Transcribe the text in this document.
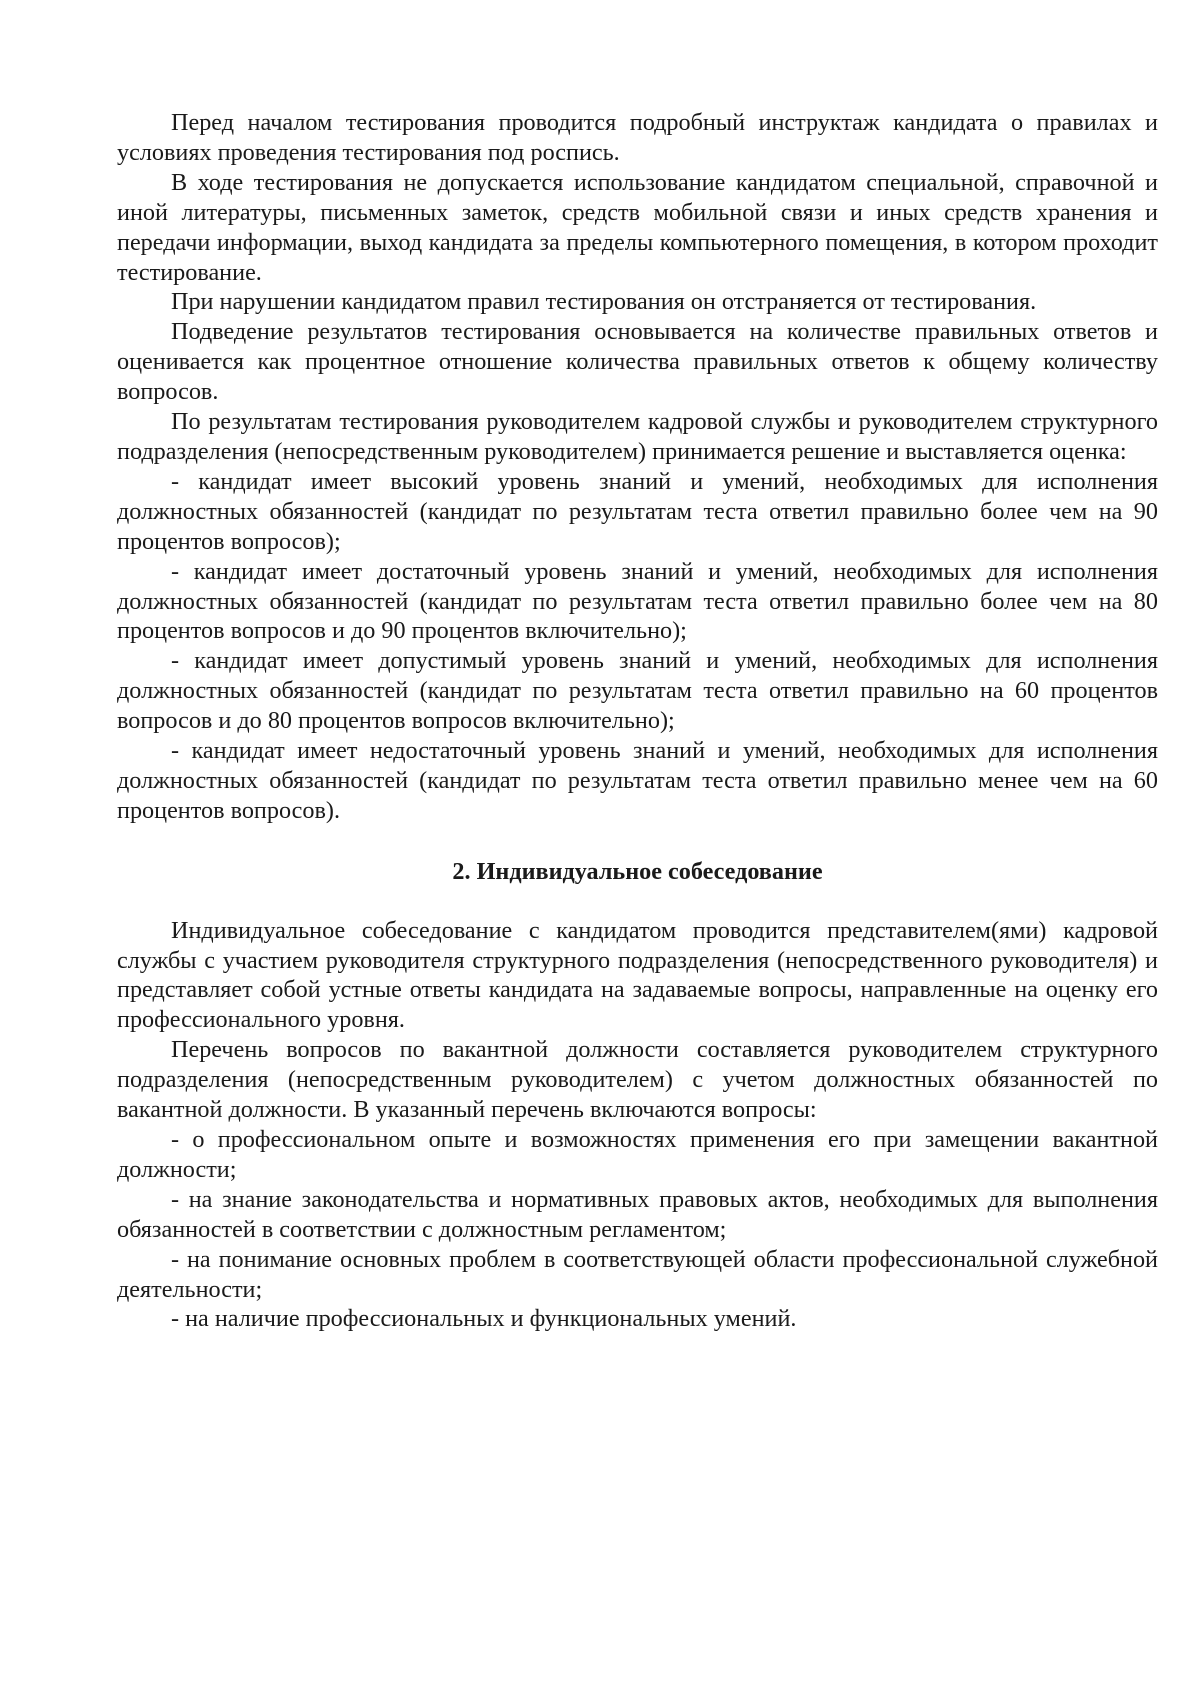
Перед началом тестирования проводится подробный инструктаж кандидата о правилах и условиях проведения тестирования под роспись.

В ходе тестирования не допускается использование кандидатом специальной, справочной и иной литературы, письменных заметок, средств мобильной связи и иных средств хранения и передачи информации, выход кандидата за пределы компьютерного помещения, в котором проходит тестирование.

При нарушении кандидатом правил тестирования он отстраняется от тестирования.

Подведение результатов тестирования основывается на количестве правильных ответов и оценивается как процентное отношение количества правильных ответов к общему количеству вопросов.

По результатам тестирования руководителем кадровой службы и руководителем структурного подразделения (непосредственным руководителем) принимается решение и выставляется оценка:

- кандидат имеет высокий уровень знаний и умений, необходимых для исполнения должностных обязанностей (кандидат по результатам теста ответил правильно более чем на 90 процентов вопросов);

- кандидат имеет достаточный уровень знаний и умений, необходимых для исполнения должностных обязанностей (кандидат по результатам теста ответил правильно более чем на 80 процентов вопросов и до 90 процентов включительно);

- кандидат имеет допустимый уровень знаний и умений, необходимых для исполнения должностных обязанностей (кандидат по результатам теста ответил правильно на 60 процентов вопросов и до 80 процентов вопросов включительно);

- кандидат имеет недостаточный уровень знаний и умений, необходимых для исполнения должностных обязанностей (кандидат по результатам теста ответил правильно менее чем на 60 процентов вопросов).

2. Индивидуальное собеседование

Индивидуальное собеседование с кандидатом проводится представителем(ями) кадровой службы с участием руководителя структурного подразделения (непосредственного руководителя) и представляет собой устные ответы кандидата на задаваемые вопросы, направленные на оценку его профессионального уровня.

Перечень вопросов по вакантной должности составляется руководителем структурного подразделения (непосредственным руководителем) с учетом должностных обязанностей по вакантной должности. В указанный перечень включаются вопросы:

- о профессиональном опыте и возможностях применения его при замещении вакантной должности;

- на знание законодательства и нормативных правовых актов, необходимых для выполнения обязанностей в соответствии с должностным регламентом;

- на понимание основных проблем в соответствующей области профессиональной служебной деятельности;

- на наличие профессиональных и функциональных умений.
